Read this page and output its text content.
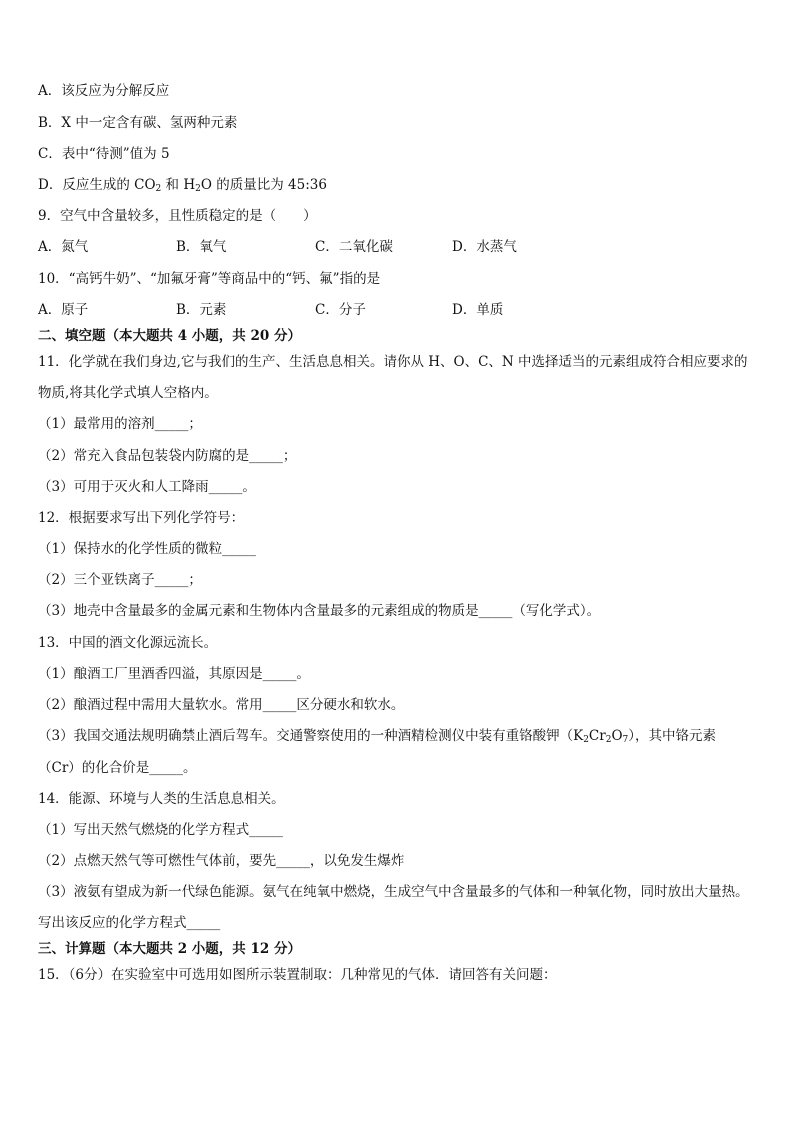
A．该反应为分解反应
B．X 中一定含有碳、氢两种元素
C．表中“待测”值为 5
D．反应生成的 $CO_2$ 和 $H_2O$ 的质量比为 45:36
9．空气中含量较多，且性质稳定的是（　　）
A．氮气	B．氧气	C．二氧化碳	D．水蒸气
10．“高钙牛奶”、“加氟牙膏”等商品中的“钙、氟”指的是
A．原子	B．元素	C．分子	D．单质
二、填空题（本大题共 4 小题，共 20 分）
11．化学就在我们身边,它与我们的生产、生活息息相关。请你从 H、O、C、N 中选择适当的元素组成符合相应要求的
物质,将其化学式填人空格内。
（1）最常用的溶剂_____；
（2）常充入食品包装袋内防腐的是_____；
（3）可用于灭火和人工降雨_____。
12．根据要求写出下列化学符号：
（1）保持水的化学性质的微粒_____
（2）三个亚铁离子_____；
（3）地壳中含量最多的金属元素和生物体内含量最多的元素组成的物质是_____（写化学式）。
13．中国的酒文化源远流长。
（1）酿酒工厂里酒香四溢，其原因是_____。
（2）酿酒过程中需用大量软水。常用_____区分硬水和软水。
（3）我国交通法规明确禁止酒后驾车。交通警察使用的一种酒精检测仪中装有重铬酸钾$(K_2Cr_2O_7)$，其中铬元素
（Cr）的化合价是_____。
14．能源、环境与人类的生活息息相关。
（1）写出天然气燃烧的化学方程式_____
（2）点燃天然气等可燃性气体前，要先_____，以免发生爆炸
（3）液氨有望成为新一代绿色能源。氨气在纯氧中燃烧，生成空气中含量最多的气体和一种氧化物，同时放出大量热。
写出该反应的化学方程式_____
三、计算题（本大题共 2 小题，共 12 分）
15．（6分）在实验室中可选用如图所示装置制取：几种常见的气体．请回答有关问题：
